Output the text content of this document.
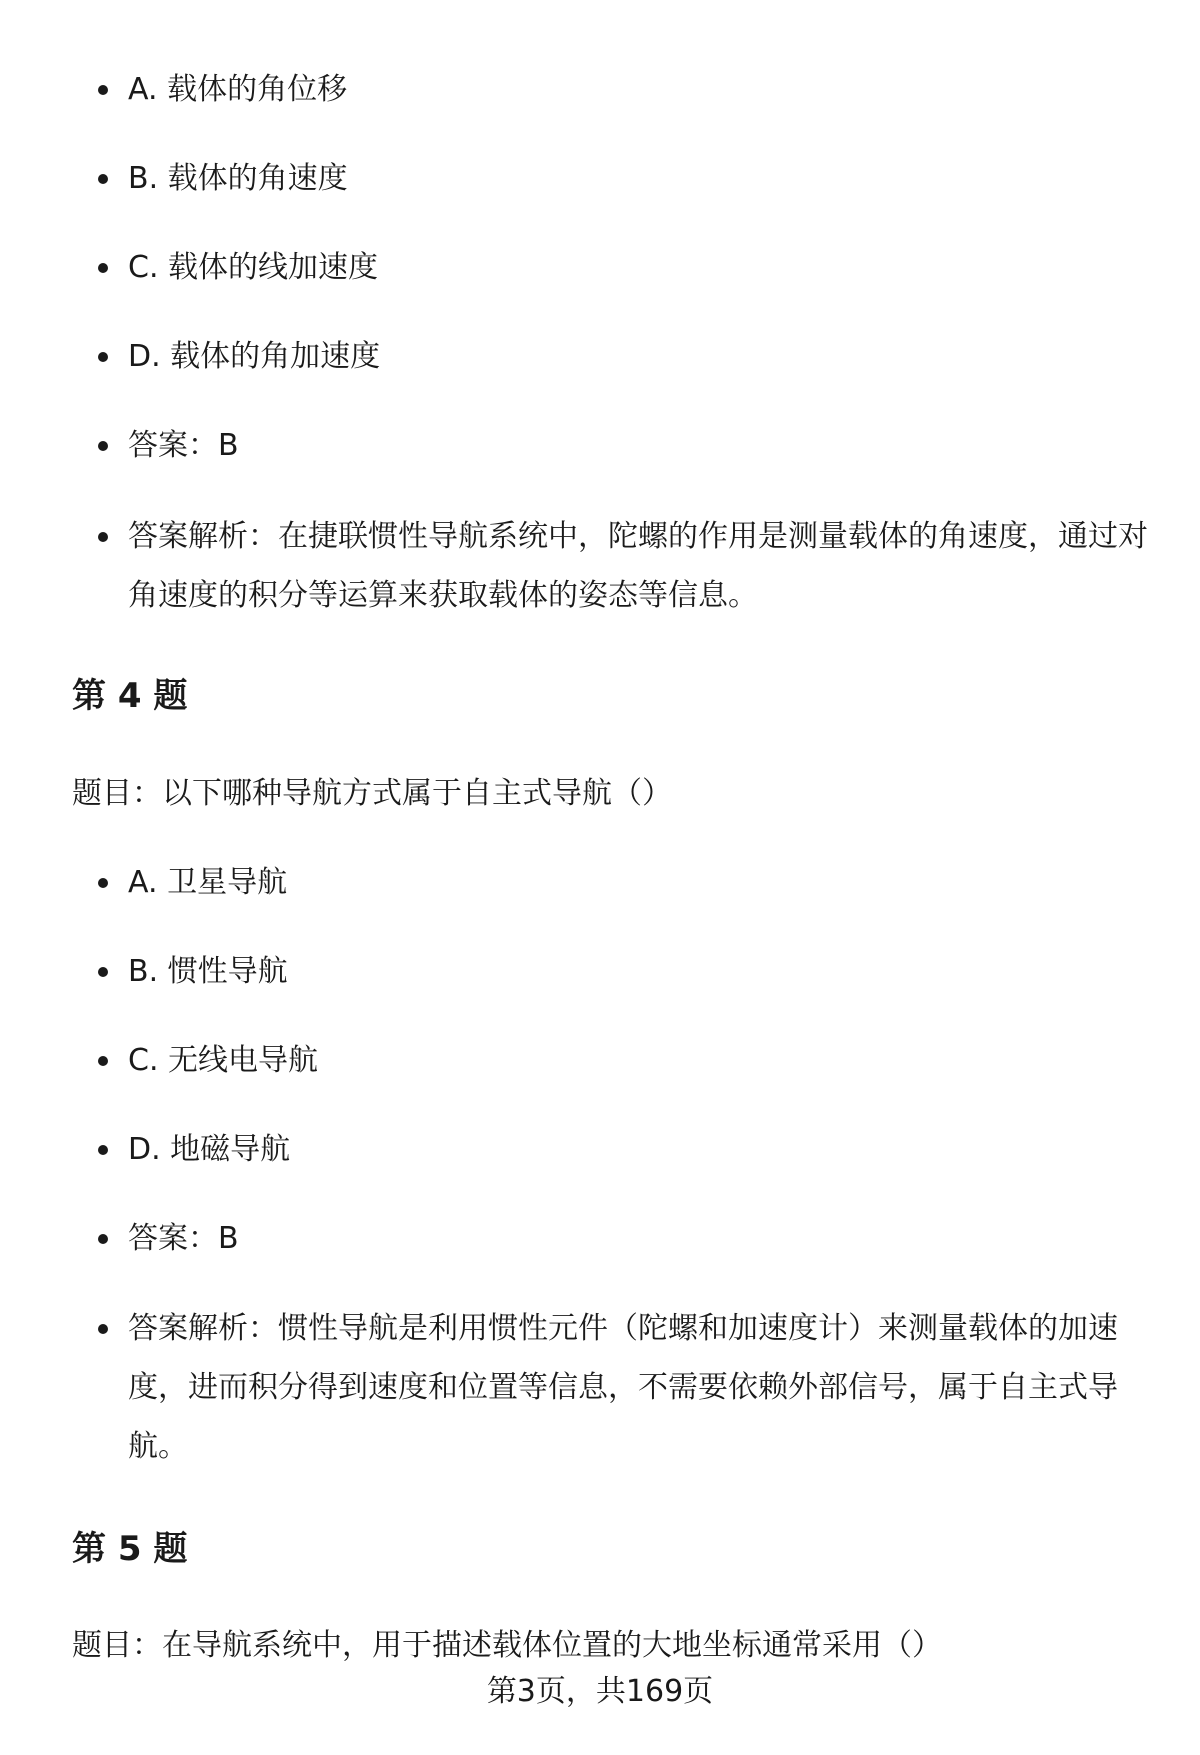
A. 载体的角位移
B. 载体的角速度
C. 载体的线加速度
D. 载体的角加速度
答案：B
答案解析：在捷联惯性导航系统中，陀螺的作用是测量载体的角速度，通过对角速度的积分等运算来获取载体的姿态等信息。
第 4 题
题目：以下哪种导航方式属于自主式导航（）
A. 卫星导航
B. 惯性导航
C. 无线电导航
D. 地磁导航
答案：B
答案解析：惯性导航是利用惯性元件（陀螺和加速度计）来测量载体的加速度，进而积分得到速度和位置等信息，不需要依赖外部信号，属于自主式导航。
第 5 题
题目：在导航系统中，用于描述载体位置的大地坐标通常采用（）
第3页，共169页
